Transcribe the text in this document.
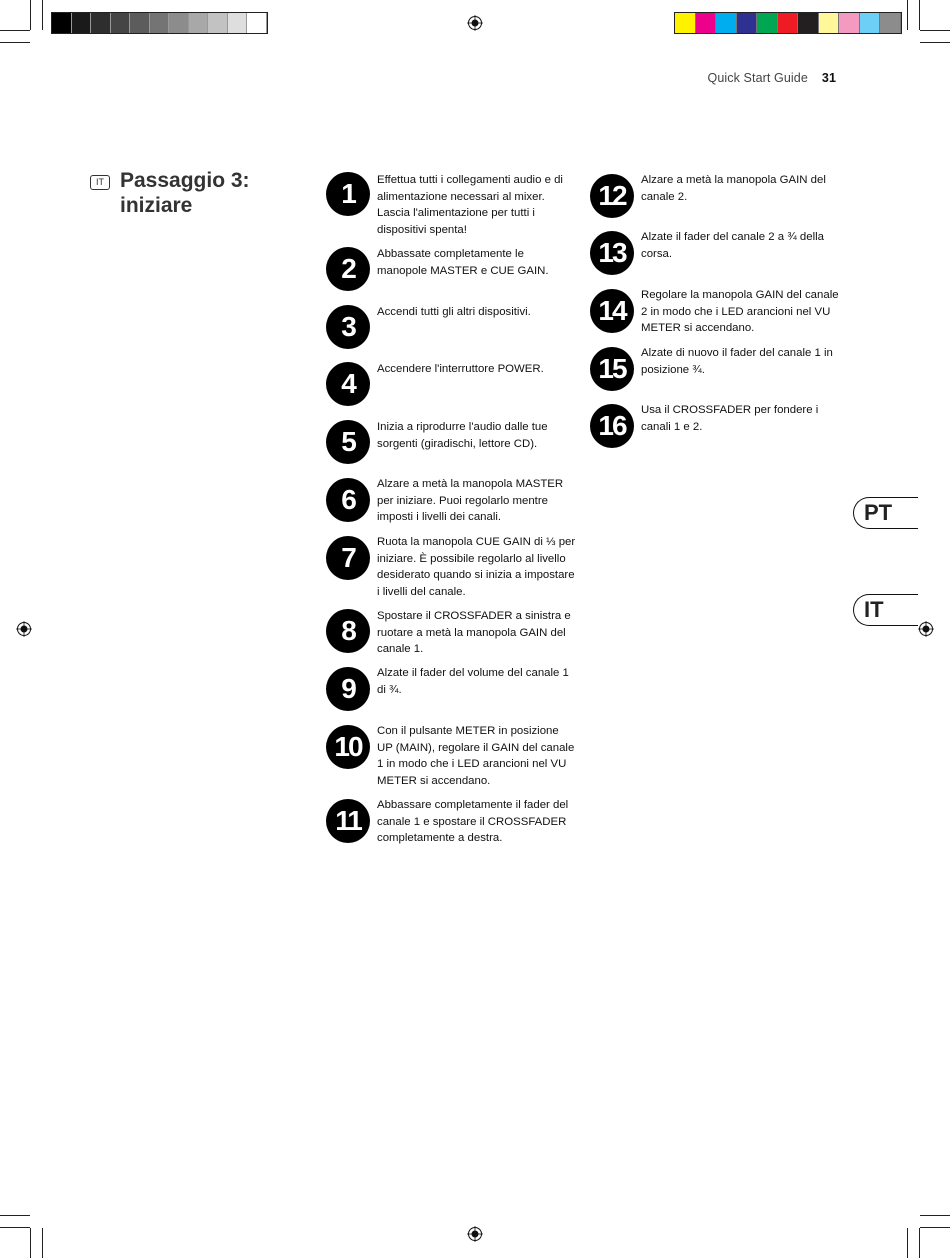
Quick Start Guide 31
IT Passaggio 3:
iniziare	1	Effettua tutti i collegamenti audio e di alimentazione necessari al mixer. Lascia l'alimentazione per tutti i dispositivi spenta!
2	Abbassate completamente le manopole MASTER e CUE GAIN.
3	Accendi tutti gli altri dispositivi.
4	Accendere l'interruttore POWER.
5	Inizia a riprodurre l'audio dalle tue sorgenti (giradischi, lettore CD).
6	Alzare a metà la manopola MASTER per iniziare. Puoi regolarlo mentre imposti i livelli dei canali.
7	Ruota la manopola CUE GAIN di ⅓ per iniziare. È possibile regolarlo al livello desiderato quando si inizia a impostare i livelli del canale.
8	Spostare il CROSSFADER a sinistra e ruotare a metà la manopola GAIN del canale 1.
9	Alzate il fader del volume del canale 1 di ¾.
10	Con il pulsante METER in posizione UP (MAIN), regolare il GAIN del canale 1 in modo che i LED arancioni nel VU METER si accendano.
11	Abbassare completamente il fader del canale 1 e spostare il CROSSFADER completamente a destra.
12	Alzare a metà la manopola GAIN del canale 2.
13	Alzate il fader del canale 2 a ¾ della corsa.
14	Regolare la manopola GAIN del canale 2 in modo che i LED arancioni nel VU METER si accendano.
15	Alzate di nuovo il fader del canale 1 in posizione ¾.
16	Usa il CROSSFADER per fondere i canali 1 e 2.
PT
IT
